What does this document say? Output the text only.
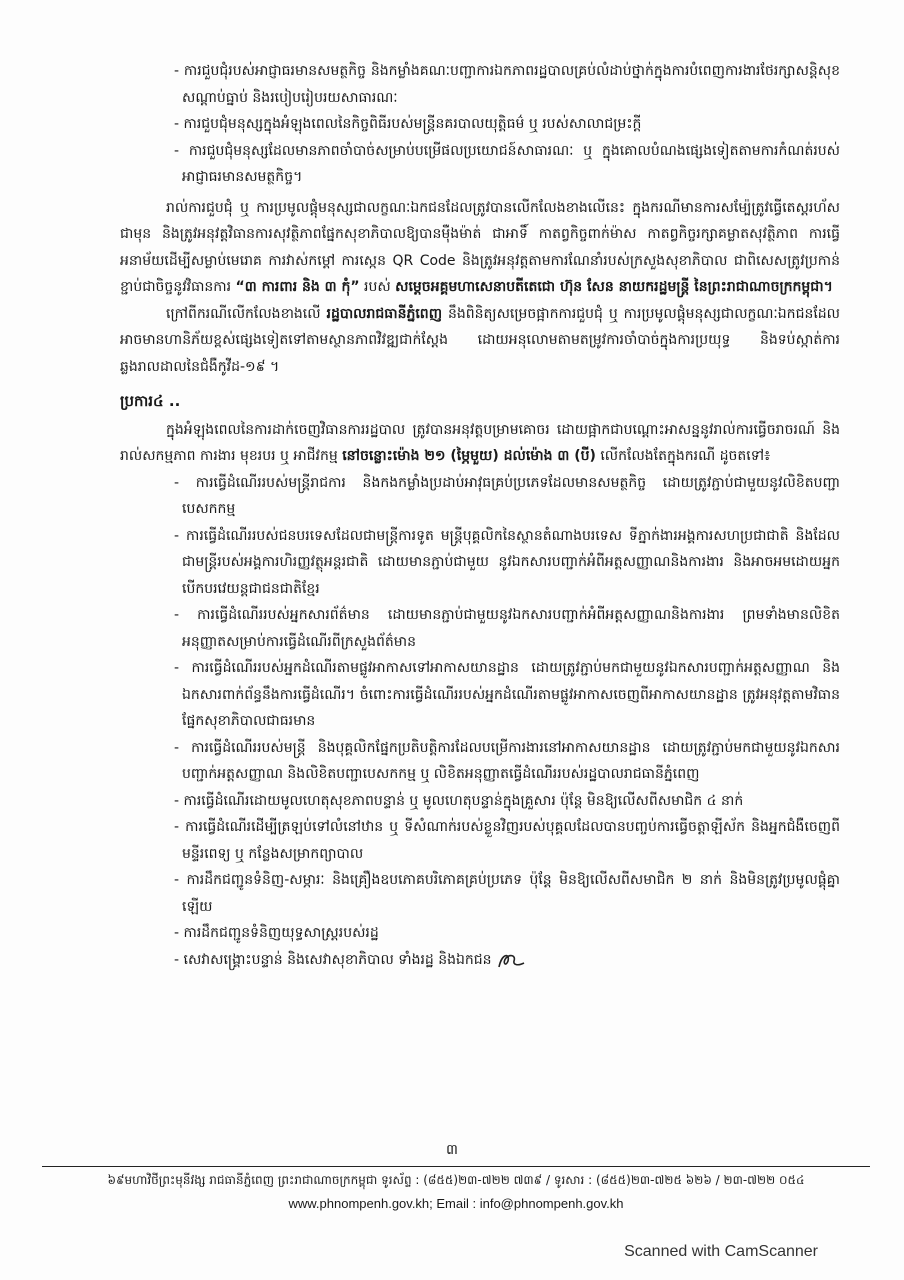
- ការជួបជុំរបស់អាជ្ញាធរមានសមត្ថកិច្ច និងកម្លាំងគណៈបញ្ជាការឯកភាពរដ្ឋបាលគ្រប់លំដាប់ថ្នាក់ក្នុងការបំពេញការងារថែរក្សាសន្តិសុខ សណ្តាប់ធ្នាប់ និងរបៀបរៀបរយសាធារណៈ
- ការជួបជុំមនុស្សក្នុងអំឡុងពេលនៃកិច្ចពិធីរបស់មន្ត្រីនគរបាលយុត្តិធម៌ ឬ របស់សាលាជម្រះក្តី
- ការជួបជុំមនុស្សដែលមានភាពចាំបាច់សម្រាប់បម្រើផលប្រយោជន៍សាធារណៈ ឬ ក្នុងគោលបំណងផ្សេងទៀតតាមការកំណត់របស់អាជ្ញាធរមានសមត្ថកិច្ច។
រាល់ការជួបជុំ ឬ ការប្រមូលផ្តុំមនុស្សជាលក្ខណៈឯកជនដែលត្រូវបានលើកលែងខាងលើនេះ ក្នុងករណីមានការសម្ប៉ែត្រូវធ្វើតេស្តរហ័សជាមុន និងត្រូវអនុវត្តវិធានការសុវត្ថិភាពផ្នែកសុខាភិបាលឱ្យបានម៉ឺងម៉ាត់ ជាអាទិ៍ កាតព្វកិច្ចពាក់ម៉ាស កាតព្វកិច្ចរក្សាគម្លាតសុវត្ថិភាព ការធ្វើអនាម័យដើម្បីសម្លាប់មេរោគ ការវាស់កម្តៅ ការស្កេន QR Code និងត្រូវអនុវត្តតាមការណែនាំរបស់ក្រសួងសុខាភិបាល ជាពិសេសត្រូវប្រកាន់ខ្ជាប់ជាចិច្ចនូវវិធានការ “៣ ការពារ និង ៣ កុំ” របស់ សម្តេចអគ្គមហាសេនាបតីតេជោ ហ៊ុន សែន នាយករដ្ឋមន្ត្រី នៃព្រះរាជាណាចក្រកម្ពុជា។
ក្រៅពីករណីលើកលែងខាងលើ រដ្ឋបាលរាជធានីភ្នំពេញ នឹងពិនិត្យសម្រេចផ្អាកការជួបជុំ ឬ ការប្រមូលផ្តុំមនុស្សជាលក្ខណៈឯកជនដែលអាចមានហានិភ័យខ្ពស់ផ្សេងទៀតទៅតាមស្ថានភាពវិវឌ្ឍជាក់ស្តែង ដោយអនុលោមតាមតម្រូវការចាំបាច់ក្នុងការប្រយុទ្ធ និងទប់ស្កាត់ការឆ្លងរាលដាលនៃជំងឺកូវីដ-១៩ ។
ប្រការ៤ ..
ក្នុងអំឡុងពេលនៃការដាក់ចេញវិធានការរដ្ឋបាល ត្រូវបានអនុវត្តបម្រាមគោចរ ដោយផ្អាកជាបណ្តោះអាសន្ននូវរាល់ការធ្វើចរាចរណ៍ និងរាល់សកម្មភាព ការងារ មុខរបរ ឬ អាជីវកម្ម នៅចន្លោះម៉ោង ២១ (ម្ភៃមួយ) ដល់ម៉ោង ៣ (បី) លើកលែងតែក្នុងករណី ដូចតទៅ៖
- ការធ្វើដំណើររបស់មន្ត្រីរាជការ និងកងកម្លាំងប្រដាប់អាវុធគ្រប់ប្រភេទដែលមានសមត្ថកិច្ច ដោយត្រូវភ្ជាប់ជាមួយនូវលិខិតបញ្ជាបេសកកម្ម
- ការធ្វើដំណើររបស់ជនបរទេសដែលជាមន្ត្រីការទូត មន្ត្រីបុគ្គលិកនៃស្ថានតំណាងបរទេស ទីភ្នាក់ងារអង្គការសហប្រជាជាតិ និងដែលជាមន្ត្រីរបស់អង្គការហិរញ្ញវត្ថុអន្តរជាតិ ដោយមានភ្ជាប់ជាមួយ នូវឯកសារបញ្ជាក់អំពីអត្តសញ្ញាណនិងការងារ និងអាចអមដោយអ្នកបើកបរវេយន្តជាជនជាតិខ្មែរ
- ការធ្វើដំណើររបស់អ្នកសារព័ត៌មាន ដោយមានភ្ជាប់ជាមួយនូវឯកសារបញ្ជាក់អំពីអត្តសញ្ញាណនិងការងារ ព្រមទាំងមានលិខិតអនុញ្ញាតសម្រាប់ការធ្វើដំណើរពីក្រសួងព័ត៌មាន
- ការធ្វើដំណើររបស់អ្នកដំណើរតាមផ្លូវអាកាសទៅអាកាសយានដ្ឋាន ដោយត្រូវភ្ជាប់មកជាមួយនូវឯកសារបញ្ជាក់អត្តសញ្ញាណ និងឯកសារពាក់ព័ន្ធនឹងការធ្វើដំណើរ។ ចំពោះការធ្វើដំណើររបស់អ្នកដំណើរតាមផ្លូវអាកាសចេញពីអាកាសយានដ្ឋាន ត្រូវអនុវត្តតាមវិធានផ្នែកសុខាភិបាលជាធរមាន
- ការធ្វើដំណើររបស់មន្ត្រី និងបុគ្គលិកផ្នែកប្រតិបត្តិការដែលបម្រើការងារនៅអាកាសយានដ្ឋាន ដោយត្រូវភ្ជាប់មកជាមួយនូវឯកសារបញ្ជាក់អត្តសញ្ញាណ និងលិខិតបញ្ជាបេសកកម្ម ឬ លិខិតអនុញ្ញាតធ្វើដំណើររបស់រដ្ឋបាលរាជធានីភ្នំពេញ
- ការធ្វើដំណើរដោយមូលហេតុសុខភាពបន្ទាន់ ឬ មូលហេតុបន្ទាន់ក្នុងគ្រួសារ ប៉ុន្តែ មិនឱ្យលើសពីសមាជិក ៤ នាក់
- ការធ្វើដំណើរដើម្បីត្រឡប់ទៅលំនៅឋាន ឬ ទីសំណាក់របស់ខ្លួនវិញរបស់បុគ្គលដែលបានបញ្ចប់ការធ្វើចត្តាឡីស័ក និងអ្នកជំងឺចេញពីមន្ទីរពេទ្យ ឬ កន្លែងសម្រាកព្យាបាល
- ការដឹកជញ្ជូនទំនិញ-សម្ភារៈ និងគ្រឿងឧបភោគបរិភោគគ្រប់ប្រភេទ ប៉ុន្តែ មិនឱ្យលើសពីសមាជិក ២ នាក់ និងមិនត្រូវប្រមូលផ្តុំគ្នាឡើយ
- ការដឹកជញ្ជូនទំនិញយុទ្ធសាស្ត្ររបស់រដ្ឋ
- សេវាសង្គ្រោះបន្ទាន់ និងសេវាសុខាភិបាល ទាំងរដ្ឋ និងឯកជន
៣
៦៩មហាវិថីព្រះមុនីវង្ស រាជធានីភ្នំពេញ ព្រះរាជាណាចក្រកម្ពុជា ទូរស័ព្ទ : (៨៥៥)២៣-៧២២ ៧៣៩ / ទូរសារ : (៨៥៥)២៣-៧២៥ ៦២៦ / ២៣-៧២២ ០៥៤
www.phnompenh.gov.kh; Email : info@phnompenh.gov.kh
Scanned with CamScanner
